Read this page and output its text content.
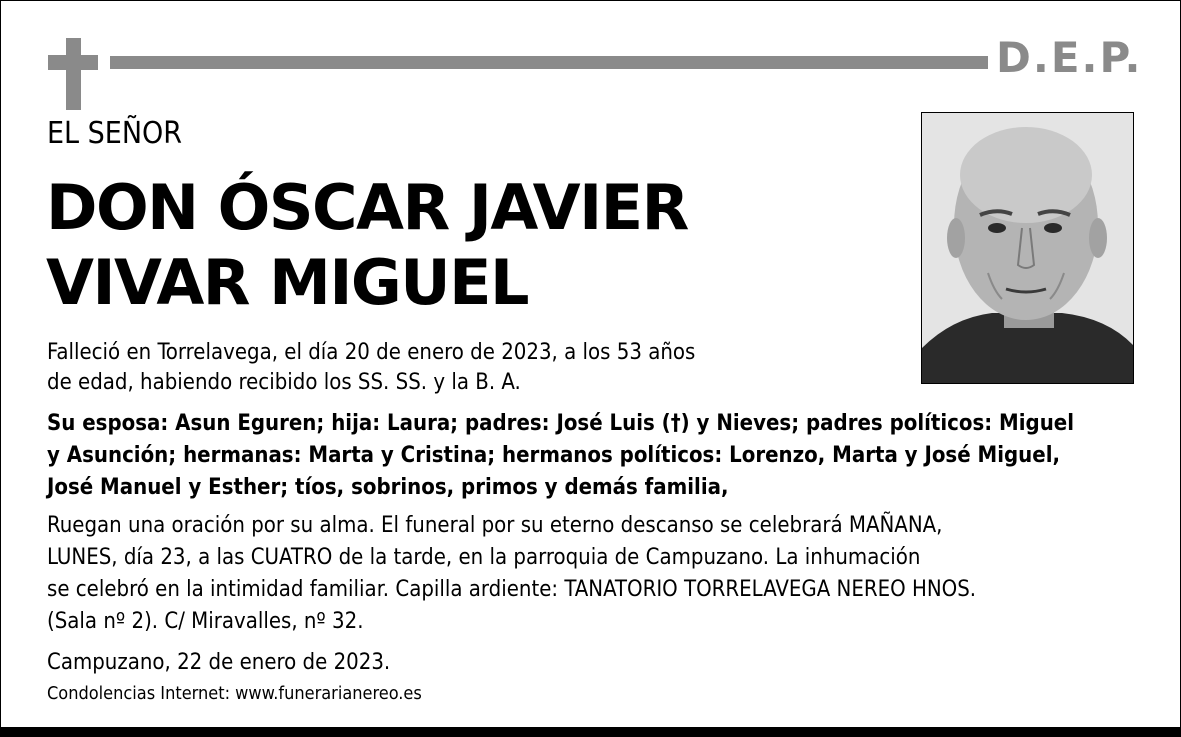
D.E.P.
EL SEÑOR
DON ÓSCAR JAVIER
VIVAR MIGUEL
Falleció en Torrelavega, el día 20 de enero de 2023, a los 53 años
de edad, habiendo recibido los SS. SS. y la B. A.
Su esposa: Asun Eguren; hija: Laura; padres: José Luis (†) y Nieves; padres políticos: Miguel
y Asunción; hermanas: Marta y Cristina; hermanos políticos: Lorenzo, Marta y José Miguel,
José Manuel y Esther; tíos, sobrinos, primos y demás familia,
Ruegan una oración por su alma. El funeral por su eterno descanso se celebrará MAÑANA,
LUNES, día 23, a las CUATRO de la tarde, en la parroquia de Campuzano. La inhumación
se celebró en la intimidad familiar. Capilla ardiente: TANATORIO TORRELAVEGA NEREO HNOS.
(Sala nº 2). C/ Miravalles, nº 32.
Campuzano, 22 de enero de 2023.
Condolencias Internet: www.funerarianereo.es
